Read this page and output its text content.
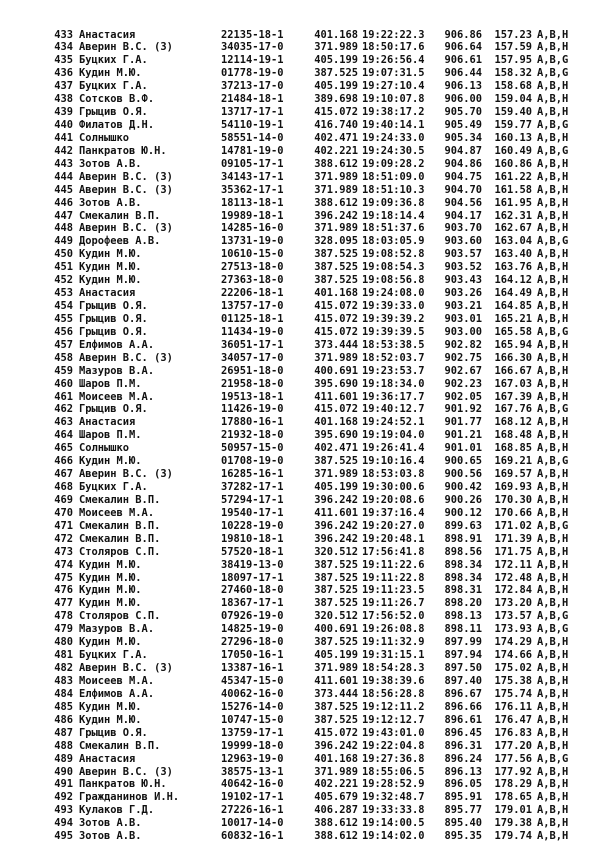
433 Анастасия	22135-18-1	401.168 19:22:22.3	906.86	157.23 A,B,H
434 Аверин В.С. (З)	34035-17-0	371.989 18:50:17.6	906.64	157.59 A,B,H
435 Буцких Г.А.	12114-19-1	405.199 19:26:56.4	906.61	157.95 A,B,G
436 Кудин М.Ю.	01778-19-0	387.525 19:07:31.5	906.44	158.32 A,B,G
437 Буцких Г.А.	37213-17-0	405.199 19:27:10.4	906.13	158.68 A,B,H
438 Сотсков В.Ф.	21484-18-1	389.698 19:10:07.8	906.00	159.04 A,B,H
439 Грыцив О.Я.	13717-17-1	415.072 19:38:17.2	905.70	159.40 A,B,H
440 Филатов Д.Н.	54110-19-1	416.740 19:40:14.1	905.49	159.77 A,B,G
441 Солнышко	58551-14-0	402.471 19:24:33.0	905.34	160.13 A,B,H
442 Панкратов Ю.Н.	14781-19-0	402.221 19:24:30.5	904.87	160.49 A,B,G
443 Зотов А.В.	09105-17-1	388.612 19:09:28.2	904.86	160.86 A,B,H
444 Аверин В.С. (З)	34143-17-1	371.989 18:51:09.0	904.75	161.22 A,B,H
445 Аверин В.С. (З)	35362-17-1	371.989 18:51:10.3	904.70	161.58 A,B,H
446 Зотов А.В.	18113-18-1	388.612 19:09:36.8	904.56	161.95 A,B,H
447 Смекалин В.П.	19989-18-1	396.242 19:18:14.4	904.17	162.31 A,B,H
448 Аверин В.С. (З)	14285-16-0	371.989 18:51:37.6	903.70	162.67 A,B,H
449 Дорофеев А.В.	13731-19-0	328.095 18:03:05.9	903.60	163.04 A,B,G
450 Кудин М.Ю.	10610-15-0	387.525 19:08:52.8	903.57	163.40 A,B,H
451 Кудин М.Ю.	27513-18-0	387.525 19:08:54.3	903.52	163.76 A,B,H
452 Кудин М.Ю.	27363-18-0	387.525 19:08:56.8	903.43	164.12 A,B,H
453 Анастасия	22206-18-1	401.168 19:24:08.0	903.26	164.49 A,B,H
454 Грыцив О.Я.	13757-17-0	415.072 19:39:33.0	903.21	164.85 A,B,H
455 Грыцив О.Я.	01125-18-1	415.072 19:39:39.2	903.01	165.21 A,B,H
456 Грыцив О.Я.	11434-19-0	415.072 19:39:39.5	903.00	165.58 A,B,G
457 Елфимов А.А.	36051-17-1	373.444 18:53:38.5	902.82	165.94 A,B,H
458 Аверин В.С. (З)	34057-17-0	371.989 18:52:03.7	902.75	166.30 A,B,H
459 Мазуров В.А.	26951-18-0	400.691 19:23:53.7	902.67	166.67 A,B,H
460 Шаров П.М.	21958-18-0	395.690 19:18:34.0	902.23	167.03 A,B,H
461 Моисеев М.А.	19513-18-1	411.601 19:36:17.7	902.05	167.39 A,B,H
462 Грыцив О.Я.	11426-19-0	415.072 19:40:12.7	901.92	167.76 A,B,G
463 Анастасия	17880-16-1	401.168 19:24:52.1	901.77	168.12 A,B,H
464 Шаров П.М.	21932-18-0	395.690 19:19:04.0	901.21	168.48 A,B,H
465 Солнышко	50957-15-0	402.471 19:26:41.4	901.01	168.85 A,B,H
466 Кудин М.Ю.	01708-19-0	387.525 19:10:16.4	900.65	169.21 A,B,G
467 Аверин В.С. (З)	16285-16-1	371.989 18:53:03.8	900.56	169.57 A,B,H
468 Буцких Г.А.	37282-17-1	405.199 19:30:00.6	900.42	169.93 A,B,H
469 Смекалин В.П.	57294-17-1	396.242 19:20:08.6	900.26	170.30 A,B,H
470 Моисеев М.А.	19540-17-1	411.601 19:37:16.4	900.12	170.66 A,B,H
471 Смекалин В.П.	10228-19-0	396.242 19:20:27.0	899.63	171.02 A,B,G
472 Смекалин В.П.	19810-18-1	396.242 19:20:48.1	898.91	171.39 A,B,H
473 Столяров С.П.	57520-18-1	320.512 17:56:41.8	898.56	171.75 A,B,H
474 Кудин М.Ю.	38419-13-0	387.525 19:11:22.6	898.34	172.11 A,B,H
475 Кудин М.Ю.	18097-17-1	387.525 19:11:22.8	898.34	172.48 A,B,H
476 Кудин М.Ю.	27460-18-0	387.525 19:11:23.5	898.31	172.84 A,B,H
477 Кудин М.Ю.	18367-17-1	387.525 19:11:26.7	898.20	173.20 A,B,H
478 Столяров С.П.	07926-19-0	320.512 17:56:52.0	898.13	173.57 A,B,G
479 Мазуров В.А.	14825-19-0	400.691 19:26:08.8	898.11	173.93 A,B,G
480 Кудин М.Ю.	27296-18-0	387.525 19:11:32.9	897.99	174.29 A,B,H
481 Буцких Г.А.	17050-16-1	405.199 19:31:15.1	897.94	174.66 A,B,H
482 Аверин В.С. (З)	13387-16-1	371.989 18:54:28.3	897.50	175.02 A,B,H
483 Моисеев М.А.	45347-15-0	411.601 19:38:39.6	897.40	175.38 A,B,H
484 Елфимов А.А.	40062-16-0	373.444 18:56:28.8	896.67	175.74 A,B,H
485 Кудин М.Ю.	15276-14-0	387.525 19:12:11.2	896.66	176.11 A,B,H
486 Кудин М.Ю.	10747-15-0	387.525 19:12:12.7	896.61	176.47 A,B,H
487 Грыцив О.Я.	13759-17-1	415.072 19:43:01.0	896.45	176.83 A,B,H
488 Смекалин В.П.	19999-18-0	396.242 19:22:04.8	896.31	177.20 A,B,H
489 Анастасия	12963-19-0	401.168 19:27:36.8	896.24	177.56 A,B,G
490 Аверин В.С. (З)	38575-13-1	371.989 18:55:06.5	896.13	177.92 A,B,H
491 Панкратов Ю.Н.	40642-16-0	402.221 19:28:52.9	896.05	178.29 A,B,H
492 Гражданинов И.Н.	19102-17-1	405.679 19:32:48.7	895.91	178.65 A,B,H
493 Кулаков Г.Д.	27226-16-1	406.287 19:33:33.8	895.77	179.01 A,B,H
494 Зотов А.В.	10017-14-0	388.612 19:14:00.5	895.40	179.38 A,B,H
495 Зотов А.В.	60832-16-1	388.612 19:14:02.0	895.35	179.74 A,B,H
